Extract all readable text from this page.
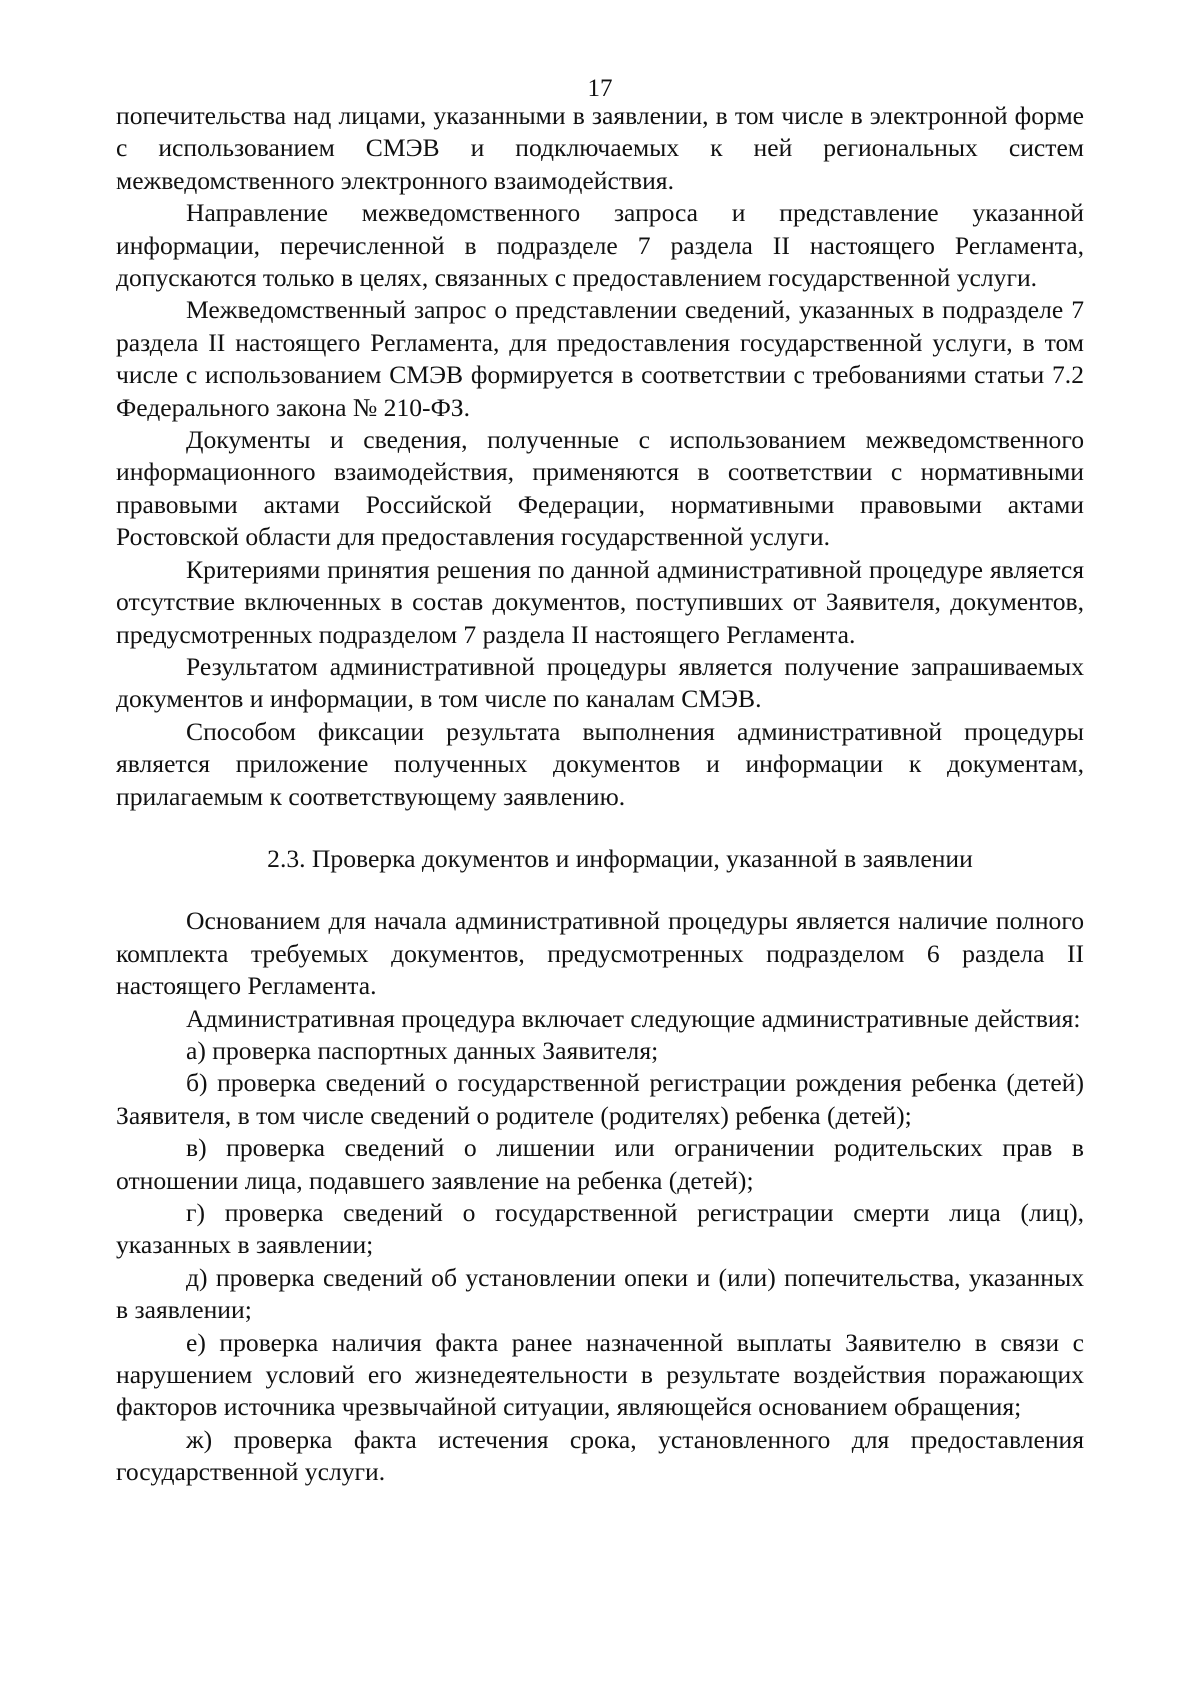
17

попечительства над лицами, указанными в заявлении, в том числе в электронной форме с использованием СМЭВ и подключаемых к ней региональных систем межведомственного электронного взаимодействия.

Направление межведомственного запроса и представление указанной информации, перечисленной в подразделе 7 раздела II настоящего Регламента, допускаются только в целях, связанных с предоставлением государственной услуги.

Межведомственный запрос о представлении сведений, указанных в подразделе 7 раздела II настоящего Регламента, для предоставления государственной услуги, в том числе с использованием СМЭВ формируется в соответствии с требованиями статьи 7.2 Федерального закона № 210-ФЗ.

Документы и сведения, полученные с использованием межведомственного информационного взаимодействия, применяются в соответствии с нормативными правовыми актами Российской Федерации, нормативными правовыми актами Ростовской области для предоставления государственной услуги.

Критериями принятия решения по данной административной процедуре является отсутствие включенных в состав документов, поступивших от Заявителя, документов, предусмотренных подразделом 7 раздела II настоящего Регламента.

Результатом административной процедуры является получение запрашиваемых документов и информации, в том числе по каналам СМЭВ.

Способом фиксации результата выполнения административной процедуры является приложение полученных документов и информации к документам, прилагаемым к соответствующему заявлению.

2.3. Проверка документов и информации, указанной в заявлении

Основанием для начала административной процедуры является наличие полного комплекта требуемых документов, предусмотренных подразделом 6 раздела II настоящего Регламента.

Административная процедура включает следующие административные действия:

а) проверка паспортных данных Заявителя;

б) проверка сведений о государственной регистрации рождения ребенка (детей) Заявителя, в том числе сведений о родителе (родителях) ребенка (детей);

в) проверка сведений о лишении или ограничении родительских прав в отношении лица, подавшего заявление на ребенка (детей);

г) проверка сведений о государственной регистрации смерти лица (лиц), указанных в заявлении;

д) проверка сведений об установлении опеки и (или) попечительства, указанных в заявлении;

е) проверка наличия факта ранее назначенной выплаты Заявителю в связи с нарушением условий его жизнедеятельности в результате воздействия поражающих факторов источника чрезвычайной ситуации, являющейся основанием обращения;

ж) проверка факта истечения срока, установленного для предоставления государственной услуги.
